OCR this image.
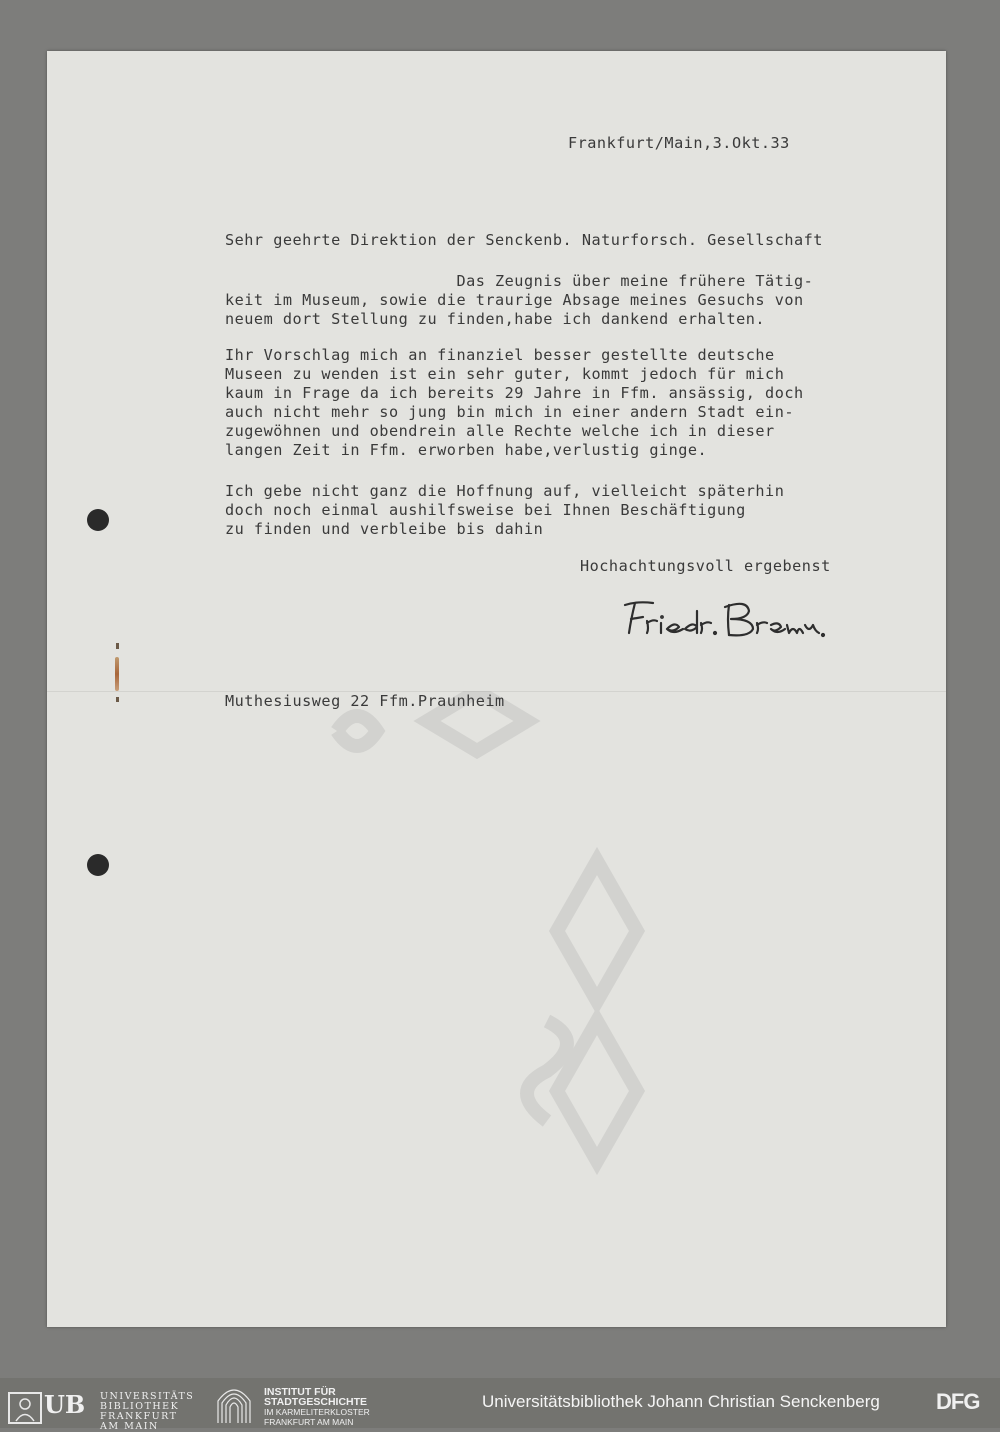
Frankfurt/Main,3.Okt.33
Sehr geehrte Direktion der Senckenb. Naturforsch. Gesellschaft
Das Zeugnis über meine frühere Tätig-
keit im Museum, sowie die traurige Absage meines Gesuchs von
neuem dort Stellung zu finden,habe ich dankend erhalten.
Ihr Vorschlag mich an finanziel besser gestellte deutsche
Museen zu wenden ist ein sehr guter, kommt jedoch für mich
kaum in Frage da ich bereits 29 Jahre in Ffm. ansässig, doch
auch nicht mehr so jung bin mich in einer andern Stadt ein-
zugewöhnen und obendrein alle Rechte welche ich in dieser
langen Zeit in Ffm. erworben habe,verlustig ginge.
Ich gebe nicht ganz die Hoffnung auf, vielleicht späterhin
doch noch einmal aushilfsweise bei Ihnen Beschäftigung
zu finden und verbleibe bis dahin
Hochachtungsvoll ergebenst
Muthesiusweg 22 Ffm.Praunheim
UB UNIVERSITÄTS
BIBLIOTHEK
FRANKFURT AM MAIN
INSTITUT FÜR
STADTGESCHICHTE
IM KARMELITERKLOSTER
FRANKFURT AM MAIN
Universitätsbibliothek Johann Christian Senckenberg	DFG
